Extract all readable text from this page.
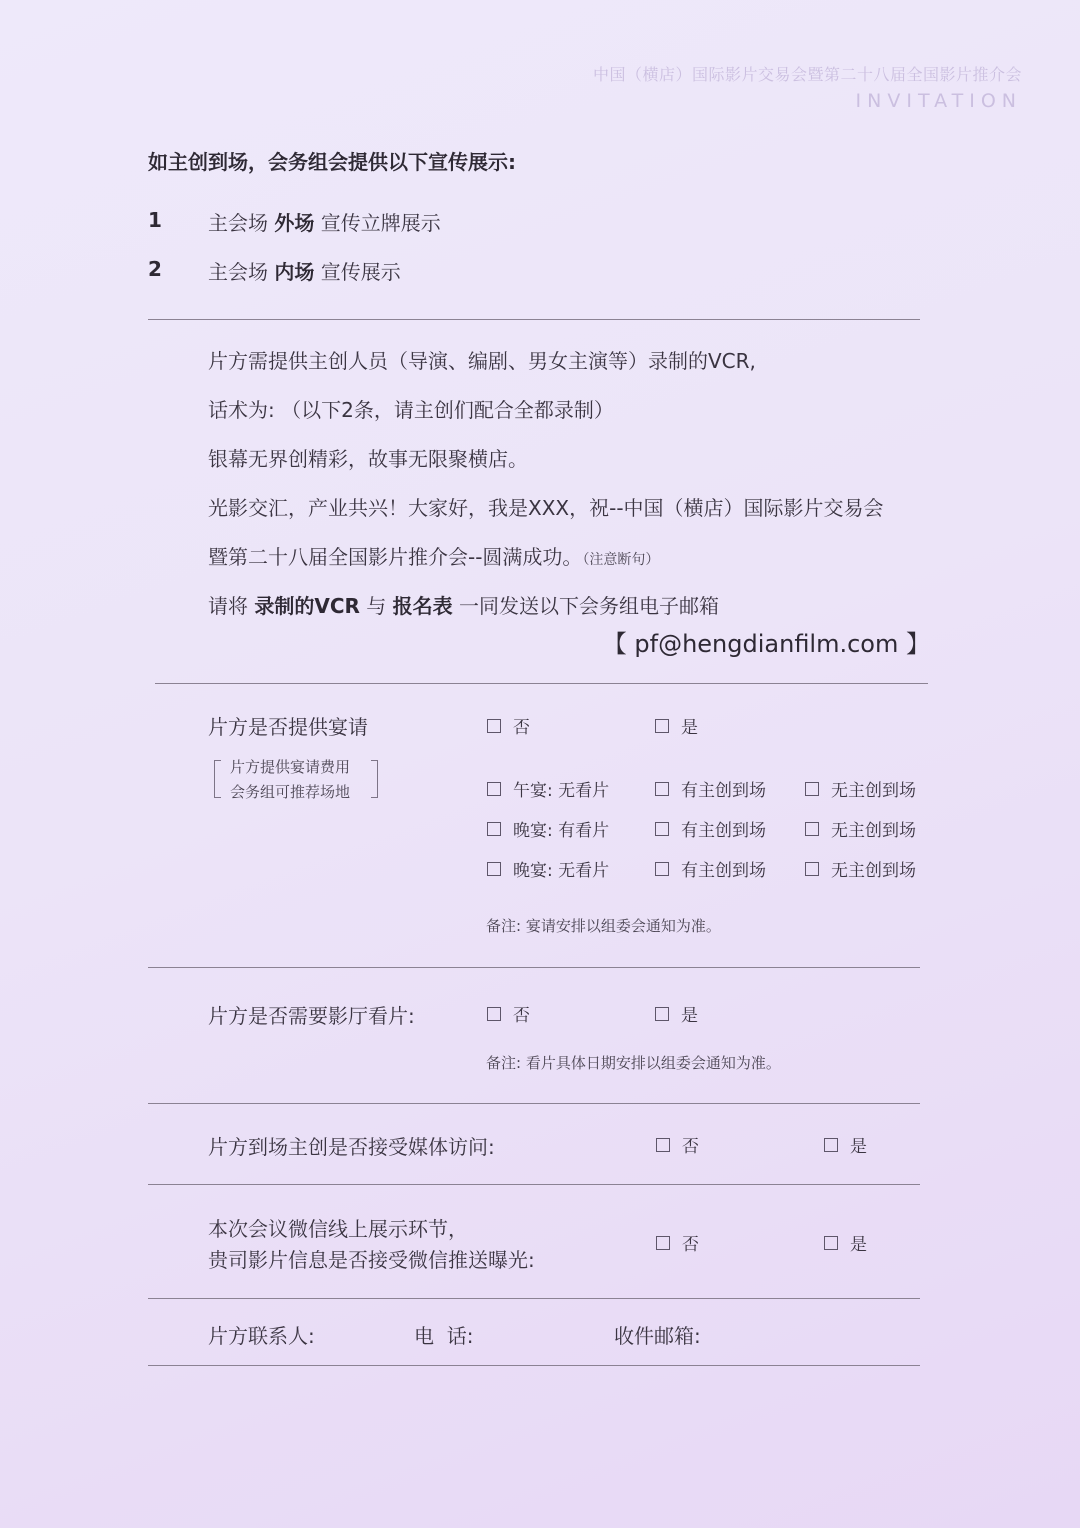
中国（横店）国际影片交易会暨第二十八届全国影片推介会
INVITATION
如主创到场，会务组会提供以下宣传展示:
1 主会场 外场 宣传立牌展示
2 主会场 内场 宣传展示
片方需提供主创人员（导演、编剧、男女主演等）录制的VCR,
话术为: （以下2条，请主创们配合全都录制）
银幕无界创精彩，故事无限聚横店。
光影交汇，产业共兴！大家好，我是XXX，祝--中国（横店）国际影片交易会
暨第二十八届全国影片推介会--圆满成功。（注意断句）
请将 录制的VCR 与 报名表 一同发送以下会务组电子邮箱
【 pf@hengdianfilm.com 】
片方是否提供宴请
片方提供宴请费用
会务组可推荐场地
否	是
午宴: 无看片	有主创到场	无主创到场
晚宴: 有看片	有主创到场	无主创到场
晚宴: 无看片	有主创到场	无主创到场
备注: 宴请安排以组委会通知为准。
片方是否需要影厅看片:	否	是
备注: 看片具体日期安排以组委会通知为准。
片方到场主创是否接受媒体访问:	否	是
本次会议微信线上展示环节，
贵司影片信息是否接受微信推送曝光:
否	是
片方联系人:	电  话:	收件邮箱:
